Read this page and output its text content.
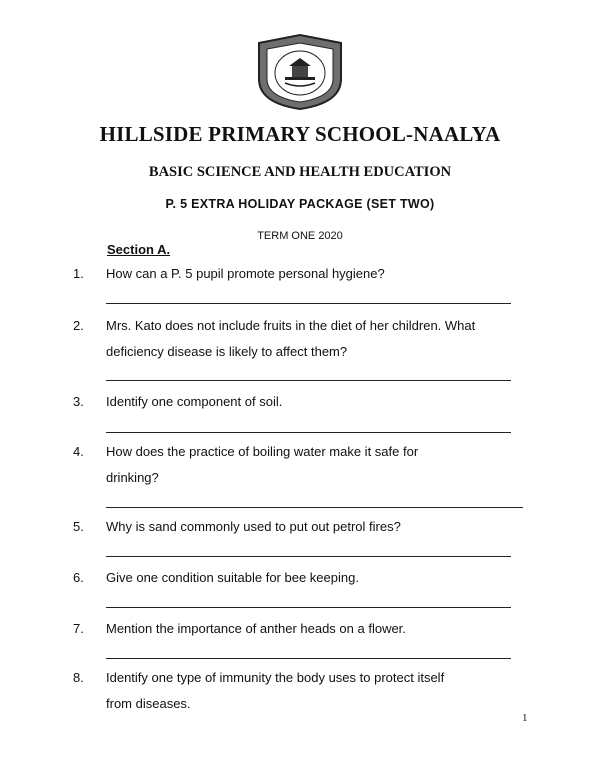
HILLSIDE PRIMARY SCHOOL-NAALYA
BASIC SCIENCE AND HEALTH EDUCATION
P. 5 EXTRA HOLIDAY PACKAGE (SET TWO)
TERM ONE 2020
Section A.
1. How can a P. 5 pupil promote personal hygiene?
2. Mrs. Kato does not include fruits in the diet of her children. What
deficiency disease is likely to affect them?
3. Identify one component of soil.
4. How does the practice of boiling water make it safe for
drinking?
5. Why is sand commonly used to put out petrol fires?
6. Give one condition suitable for bee keeping.
7. Mention the importance of anther heads on a flower.
8. Identify one type of immunity the body uses to protect itself
from diseases.
1
